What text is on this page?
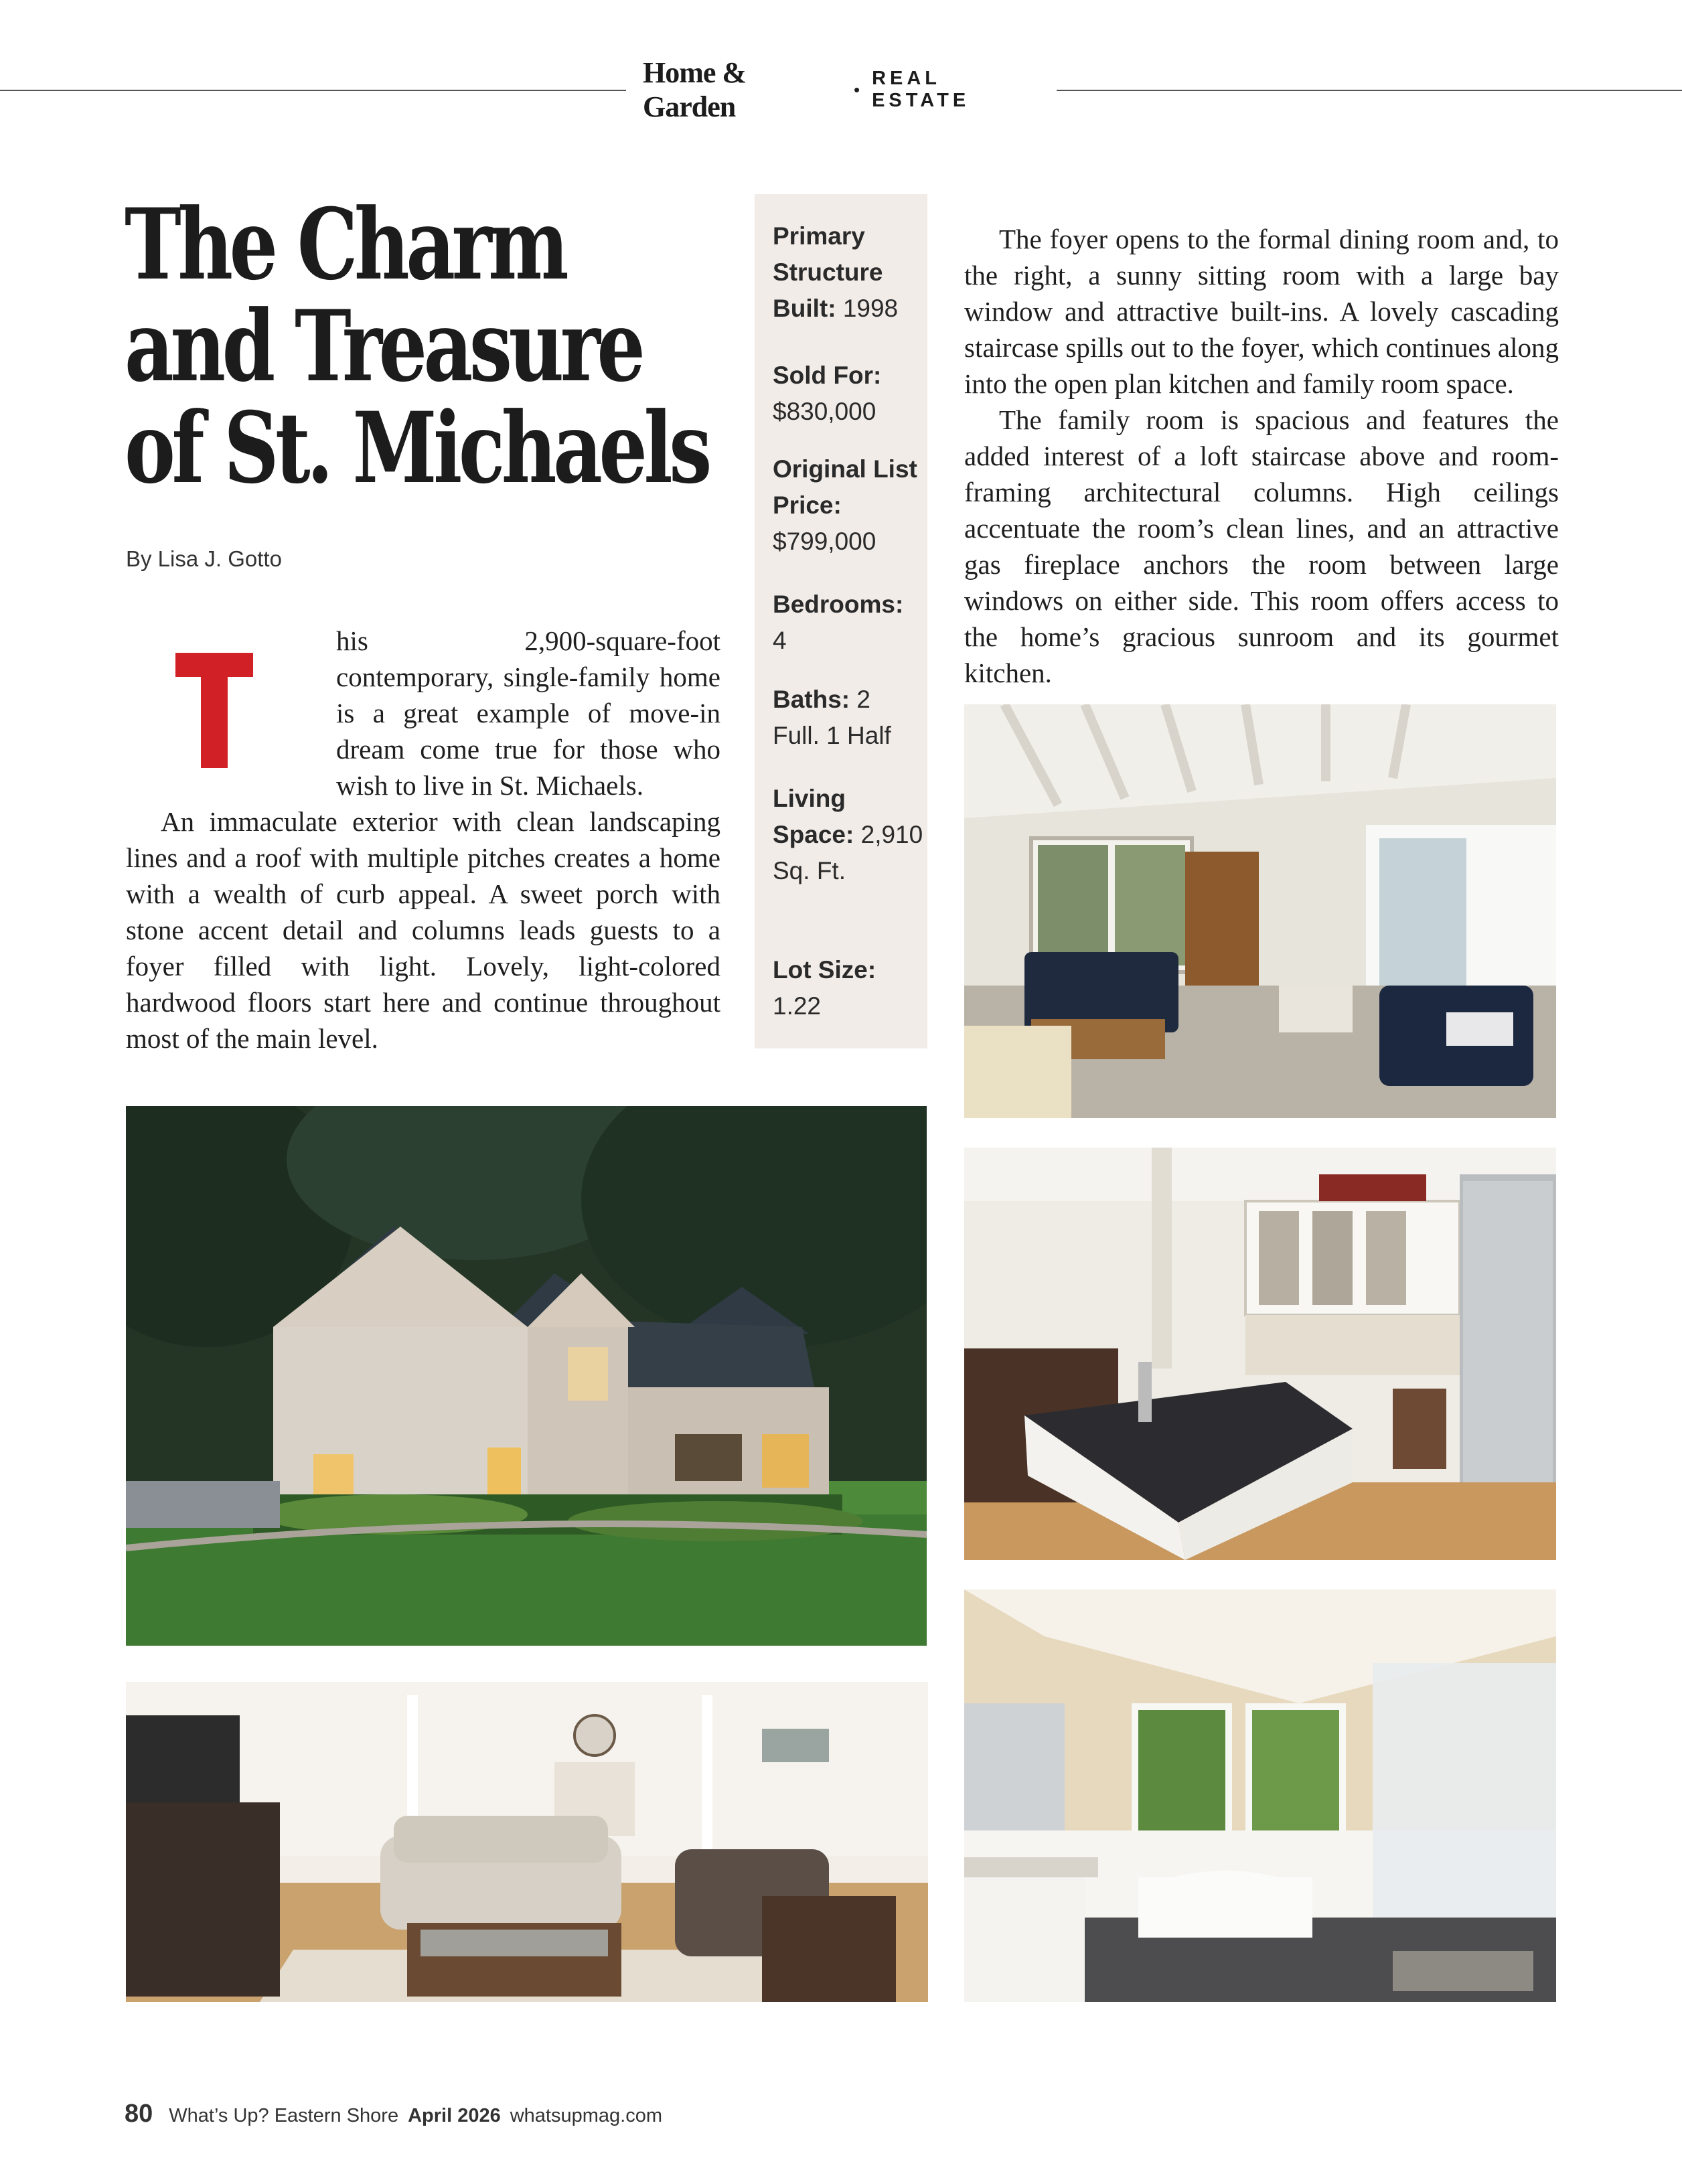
Home & Garden
•
REAL ESTATE
The Charm
and Treasure
of St. Michaels
By Lisa J. Gotto

his 2,900-square-foot contemporary, single-family home is a great example of move-in dream come true for those who wish to live in St. Michaels.

An immaculate exterior with clean landscaping lines and a roof with multiple pitches creates a home with a wealth of curb appeal. A sweet porch with stone accent detail and columns leads guests to a foyer filled with light. Lovely, light-colored hardwood floors start here and continue throughout most of the main level.

Primary Structure Built: 1998
Sold For: $830,000
Original List Price: $799,000
Bedrooms: 4
Baths: 2 Full. 1 Half
Living Space: 2,910 Sq. Ft.
Lot Size: 1.22

The foyer opens to the formal dining room and, to the right, a sunny sitting room with a large bay window and attractive built-ins. A lovely cascading staircase spills out to the foyer, which continues along into the open plan kitchen and family room space.

The family room is spacious and features the added interest of a loft staircase above and room-framing architectural columns. High ceilings accentuate the room’s clean lines, and an attractive gas fireplace anchors the room between large windows on either side. This room offers access to the home’s gracious sunroom and its gourmet kitchen.

80 What’s Up? Eastern Shore April 2026 whatsupmag.com
